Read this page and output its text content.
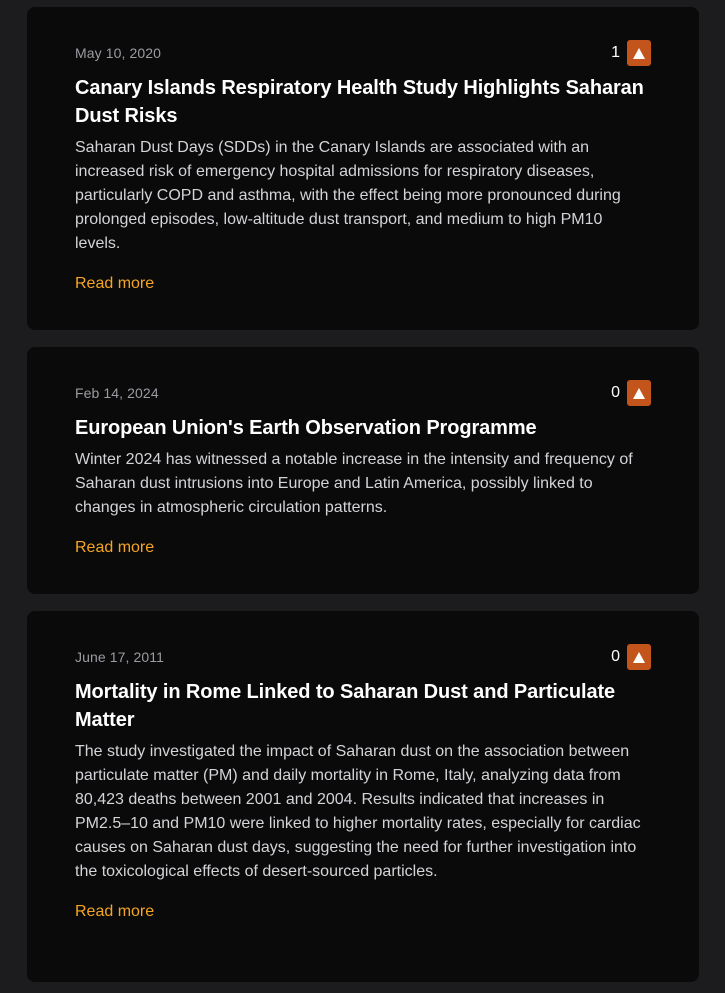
May 10, 2020	1
Canary Islands Respiratory Health Study Highlights Saharan Dust Risks

Saharan Dust Days (SDDs) in the Canary Islands are associated with an increased risk of emergency hospital admissions for respiratory diseases, particularly COPD and asthma, with the effect being more pronounced during prolonged episodes, low-altitude dust transport, and medium to high PM10 levels.

Read more
Feb 14, 2024	0
European Union's Earth Observation Programme

Winter 2024 has witnessed a notable increase in the intensity and frequency of Saharan dust intrusions into Europe and Latin America, possibly linked to changes in atmospheric circulation patterns.

Read more
June 17, 2011	0
Mortality in Rome Linked to Saharan Dust and Particulate Matter

The study investigated the impact of Saharan dust on the association between particulate matter (PM) and daily mortality in Rome, Italy, analyzing data from 80,423 deaths between 2001 and 2004. Results indicated that increases in PM2.5–10 and PM10 were linked to higher mortality rates, especially for cardiac causes on Saharan dust days, suggesting the need for further investigation into the toxicological effects of desert-sourced particles.

Read more
